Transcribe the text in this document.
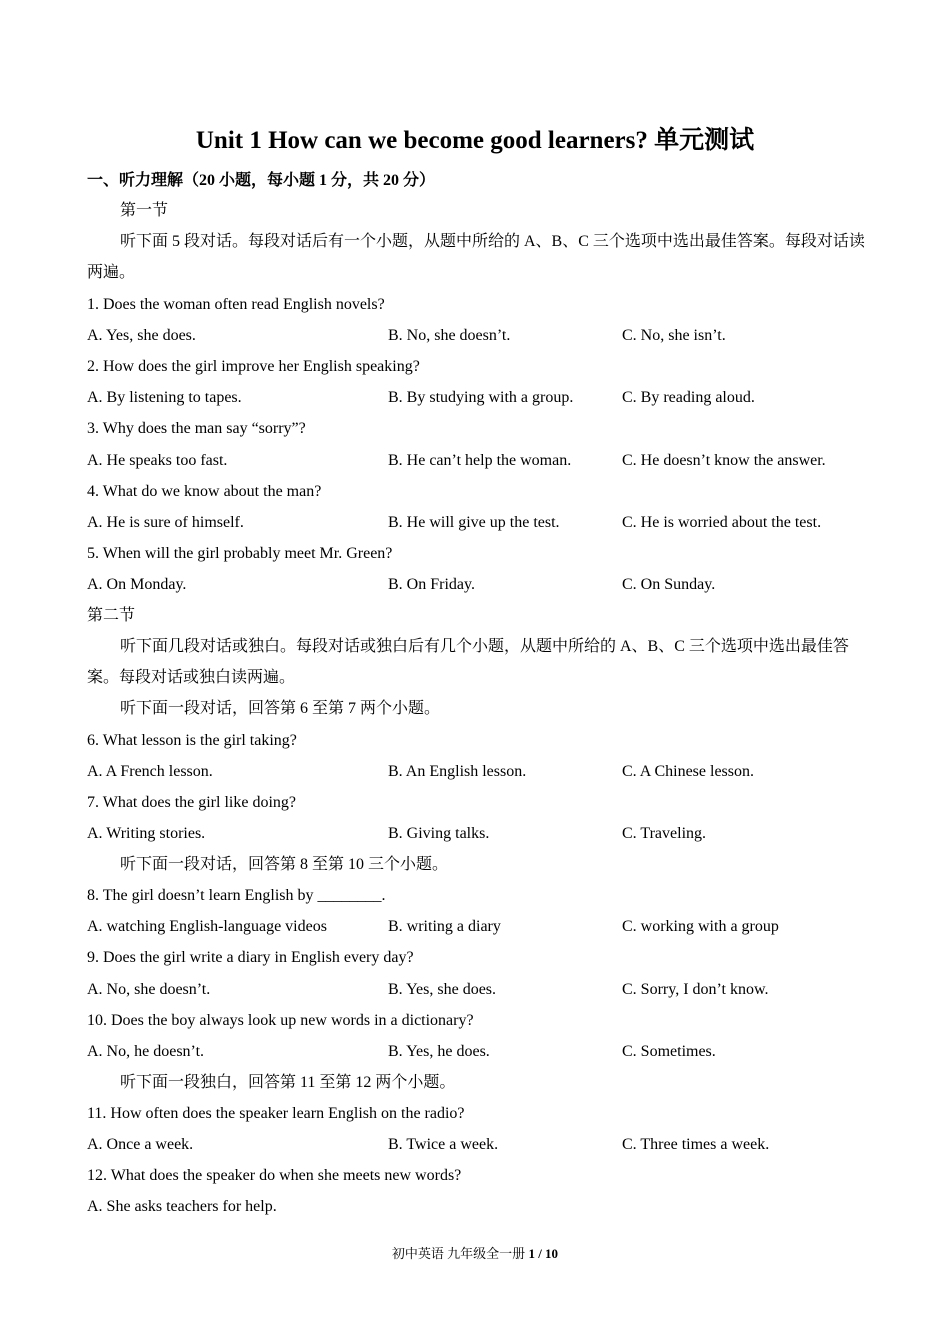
Unit 1 How can we become good learners? 单元测试
一、听力理解（20 小题，每小题 1 分，共 20 分）
第一节
听下面 5 段对话。每段对话后有一个小题，从题中所给的 A、B、C 三个选项中选出最佳答案。每段对话读两遍。
1. Does the woman often read English novels?
A. Yes, she does.	B. No, she doesn’t.	C. No, she isn’t.
2. How does the girl improve her English speaking?
A. By listening to tapes.	B. By studying with a group.	C. By reading aloud.
3. Why does the man say “sorry”?
A. He speaks too fast.	B. He can’t help the woman.	C. He doesn’t know the answer.
4. What do we know about the man?
A. He is sure of himself.	B. He will give up the test.	C. He is worried about the test.
5. When will the girl probably meet Mr. Green?
A. On Monday.	B. On Friday.	C. On Sunday.
第二节
听下面几段对话或独白。每段对话或独白后有几个小题，从题中所给的 A、B、C 三个选项中选出最佳答案。每段对话或独白读两遍。
听下面一段对话，回答第 6 至第 7 两个小题。
6. What lesson is the girl taking?
A. A French lesson.	B. An English lesson.	C. A Chinese lesson.
7. What does the girl like doing?
A. Writing stories.	B. Giving talks.	C. Traveling.
听下面一段对话，回答第 8 至第 10 三个小题。
8. The girl doesn’t learn English by ________.
A. watching English-language videos	B. writing a diary	C. working with a group
9. Does the girl write a diary in English every day?
A. No, she doesn’t.	B. Yes, she does.	C. Sorry, I don’t know.
10. Does the boy always look up new words in a dictionary?
A. No, he doesn’t.	B. Yes, he does.	C. Sometimes.
听下面一段独白，回答第 11 至第 12 两个小题。
11. How often does the speaker learn English on the radio?
A. Once a week.	B. Twice a week.	C. Three times a week.
12. What does the speaker do when she meets new words?
A. She asks teachers for help.
初中英语 九年级全一册 1 / 10
